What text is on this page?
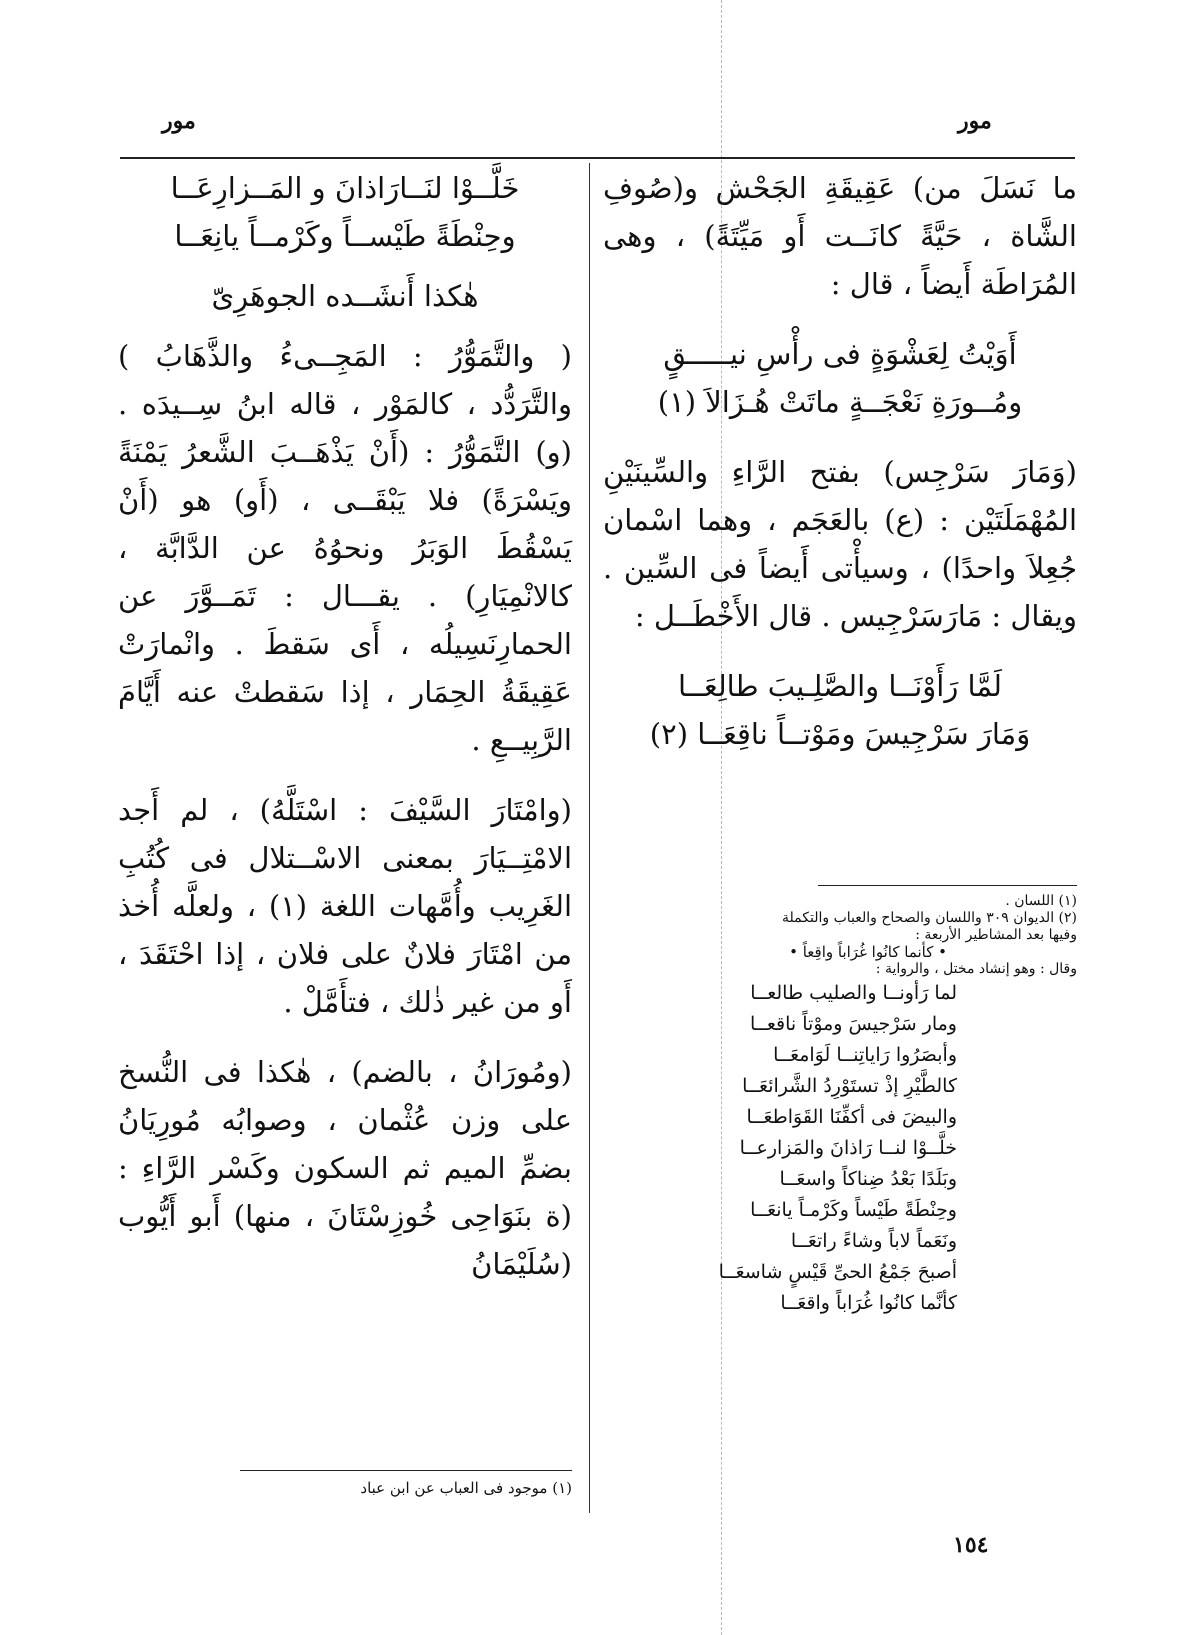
مور
مور

ما نَسَلَ من) عَقِيقَةِ الجَحْش و(صُوفِ الشَّاة ، حَيَّةً كانَــت أَو مَيِّتَةً) ، وهى المُرَاطَة أَيضاً ، قال :

أَوَيْتُ لِعَشْوَةٍ فى رأْسِ نيـــــقٍ

ومُــورَةِ نَعْجَــةٍ ماتَتْ هُـزَالاَ (١)

(وَمَارَ سَرْجِس) بفتح الرَّاءِ والسِّينَيْنِ المُهْمَلَتَيْن : (ع) بالعَجَم ، وهما اسْمان جُعِلاَ واحدًا) ، وسيأْتى أَيضاً فى السِّين . ويقال : مَارَسَرْجِيس . قال الأَخْطَــل :

لَمَّا رَأَوْنَــا والصَّلِـيبَ طالِعَــا

وَمَارَ سَرْجِيسَ ومَوْتــاً ناقِعَــا (٢)

(١) اللسان .

(٢) الديوان ٣٠٩ واللسان والصحاح والعباب والتكملة

وفيها بعد المشاطير الأربعة :

• كأنما كانُوا غُرَاباً واقِعاً •

وقال : وهو إنشاد مختل ، والرواية :

لما رَأونــا والصليب طالعــا

ومار سَرْجيسَ وموْتاً ناقعــا

وأبصَرُوا رَاياتِنــا لَوَامعَــا

كالطَّيْرِ إذْ تستَوْرِدُ الشَّرائعَــا

والبيضَ فى أكفِّنَا القَوَاطعَــا

خلَّــوْا لنــا رَاذانَ والمَزارعــا

وبَلَدًا بَعْدُ ضِناكاً واسعَــا

وحِنْطَةً طَيْساً وكَرْمـاً يانعَــا

ونَعَماً لاباً وشاءً راتعَــا

أصبحَ جَمْعُ الحىِّ قَيْسٍ شاسعَــا

كأنَّما كانُوا غُرَاباً واقعَــا

خَلَّــوْا لنَــارَاذانَ و المَــزارِعَــا

وحِنْطَةً طَيْســاً وكَرْمــاً يانِعَــا

هٰكذا أَنشَــده الجوهَرِىّ

( والتَّمَوُّرُ : المَجِــىءُ والذَّهَابُ ) والتَّرَدُّد ، كالمَوْر ، قاله ابنُ سِــيدَه . (و) التَّمَوُّرُ : (أَنْ يَذْهَــبَ الشَّعرُ يَمْنَةً ويَسْرَةً) فلا يَبْقَــى ، (أَو) هو (أَنْ يَسْقُطَ الوَبَرُ ونحوُهُ عن الدَّابَّة ، كالانْمِيَارِ) . يقـــال : تَمَــوَّرَ عن الحمارِنَسِيلُه ، أَى سَقطَ . وانْمارَتْ عَقِيقَةُ الحِمَار ، إذا سَقطتْ عنه أَيَّامَ الرَّبِيــعِ .

(وامْتَارَ السَّيْفَ : اسْتَلَّهُ) ، لم أَجد الامْتِــيَارَ بمعنى الاسْــتلال فى كُتُبِ الغَرِيب وأُمَّهات اللغة (١) ، ولعلَّه أُخذ من امْتَارَ فلانٌ على فلان ، إذا احْتَقَدَ ، أَو من غير ذٰلك ، فتأَمَّلْ .

(ومُورَانُ ، بالضم) ، هٰكذا فى النُّسخ على وزن عُثْمان ، وصوابُه مُورِيَانُ بضمِّ الميم ثم السكون وكَسْر الرَّاءِ : (ة بنَوَاحِى خُوزِسْتَانَ ، منها) أَبو أَيُّوب (سُلَيْمَانُ

(١) موجود فى العباب عن ابن عباد

١٥٤
